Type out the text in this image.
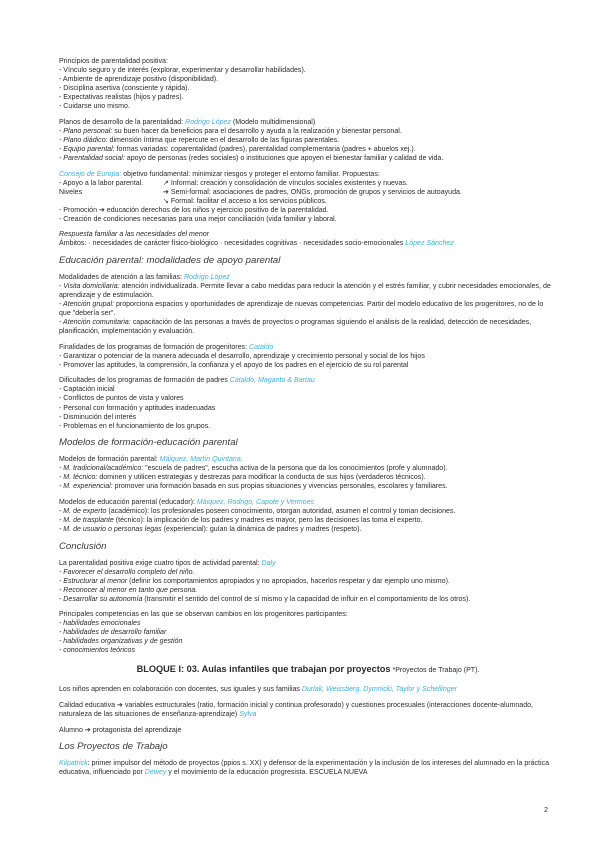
Principios de parentalidad positiva:
- Vínculo seguro y de interés (explorar, experimentar y desarrollar habilidades).
- Ambiente de aprendizaje positivo (disponibilidad).
- Disciplina asertiva (consciente y rápida).
- Expectativas realistas (hijos y padres).
- Cuidarse uno mismo.
Planos de desarrollo de la parentalidad: Rodrigo López (Modelo multidimensional)
- Plano personal: su buen hacer da beneficios para el desarrollo y ayuda a la realización y bienestar personal.
- Plano diádico: dimensión íntima que repercute en el desarrollo de las figuras parentales.
- Equipo parental: formas variadas: coparentalidad (padres), parentalidad complementaria (padres + abuelos xej.).
- Parentalidad social: apoyo de personas (redes sociales) o instituciones que apoyen el bienestar familiar y calidad de vida.
Consejo de Europa: objetivo fundamental: minimizar riesgos y proteger el entorno familiar. Propuestas:
- Apoyo a la labor parental.	↗ Informal: creación y consolidación de vínculos sociales existentes y nuevas.
Niveles	➔ Semi-formal: asociaciones de padres, ONGs, promoción de grupos y servicios de autoayuda.
↘ Formal: facilitar el acceso a los servicios públicos.
- Promoción ➔ educación derechos de los niños y ejercicio positivo de la parentalidad.
- Creación de condiciones necesarias para una mejor conciliación (vida familiar y laboral.
Respuesta familiar a las necesidades del menor
Ámbitos: · necesidades de carácter físico-biológico · necesidades cognitivas · necesidades socio-emocionales López Sánchez
Educación parental: modalidades de apoyo parental
Modalidades de atención a las familias: Rodrigo López
- Visita domiciliaria: atención individualizada. Permite llevar a cabo medidas para reducir la atención y el estrés familiar, y cubrir necesidades emocionales, de aprendizaje y de estimulación.
- Atención grupal: proporciona espacios y oportunidades de aprendizaje de nuevas competencias. Partir del modelo educativo de los progenitores, no de lo que "debería ser".
- Atención comunitaria: capacitación de las personas a través de proyectos o programas siguiendo el análisis de la realidad, detección de necesidades, planificación, implementación y evaluación.
Finalidades de los programas de formación de progenitores: Cataldo
- Garantizar o potenciar de la manera adecuada el desarrollo, aprendizaje y crecimiento personal y social de los hijos
- Promover las aptitudes, la comprensión, la confianza y el apoyo de los padres en el ejercicio de su rol parental
Dificultades de los programas de formación de padres Cataldo, Maganto & Bartau
- Captación inicial
- Conflictos de puntos de vista y valores
- Personal con formación y aptitudes inadecuadas
- Disminución del interés
- Problemas en el funcionamiento de los grupos.
Modelos de formación-educación parental
Modelos de formación parental: Máiquez, Martín Quintana.
- M. tradicional/académico: "escuela de padres", escucha activa de la persona que da los conocimientos (profe y alumnado).
- M. técnico: dominen y utilicen estrategias y destrezas para modificar la conducta de sus hijos (verdaderos técnicos).
- M. experiencial: promover una formación basada en sus propias situaciones y vivencias personales, escolares y familiares.
Modelos de educación parental (educador): Máiquez, Rodrigo, Capote y Vermoes
- M. de experto (académico): los profesionales poseen conocimiento, otorgan autoridad, asumen el control y toman decisiones.
- M. de trasplante (técnico): la implicación de los padres y madres es mayor, pero las decisiones las toma el experto.
- M. de usuario o personas legas (experiencial): guían la dinámica de padres y madres (respeto).
Conclusión
La parentalidad positiva exige cuatro tipos de actividad parental: Daly
- Favorecer el desarrollo completo del niño.
- Estructurar al menor (definir los comportamientos apropiados y no apropiados, hacerlos respetar y dar ejemplo uno mismo).
- Reconocer al menor en tanto que persona.
- Desarrollar su autonomía (transmitir el sentido del control de sí mismo y la capacidad de influir en el comportamiento de los otros).
Principales competencias en las que se observan cambios en los progenitores participantes:
- habilidades emocionales
- habilidades de desarrollo familiar
- habilidades organizativas y de gestión
- conocimientos teóricos
BLOQUE I: 03. Aulas infantiles que trabajan por proyectos *Proyectos de Trabajo (PT).
Los niños aprenden en colaboración con docentes, sus iguales y sus familias Durlak, Weissberg, Dymnicki, Taylor y Schellinger
Calidad educativa ➔ variables estructurales (ratio, formación inicial y continua profesorado) y cuestiones procesuales (interacciones docente-alumnado, naturaleza de las situaciones de enseñanza-aprendizaje) Sylva
Alumno ➔ protagonista del aprendizaje
Los Proyectos de Trabajo
Kilpatrick: primer impulsor del método de proyectos (ppios s. XX) y defensor de la experimentación y la inclusión de los intereses del alumnado en la práctica educativa, influenciado por Dewey y el movimiento de la educación progresista. ESCUELA NUEVA
2
